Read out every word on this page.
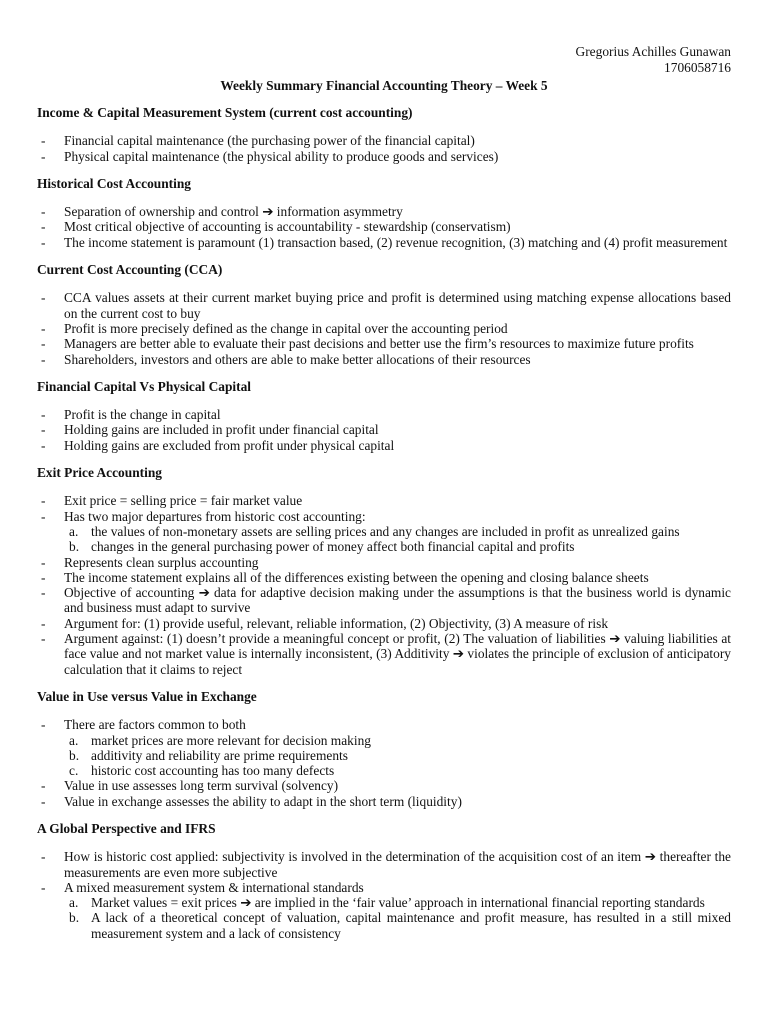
Gregorius Achilles Gunawan
1706058716
Weekly Summary Financial Accounting Theory – Week 5
Income & Capital Measurement System (current cost accounting)
- Financial capital maintenance (the purchasing power of the financial capital)
- Physical capital maintenance (the physical ability to produce goods and services)
Historical Cost Accounting
- Separation of ownership and control ➔ information asymmetry
- Most critical objective of accounting is accountability - stewardship (conservatism)
- The income statement is paramount (1) transaction based, (2) revenue recognition, (3) matching and (4) profit measurement
Current Cost Accounting (CCA)
- CCA values assets at their current market buying price and profit is determined using matching expense allocations based on the current cost to buy
- Profit is more precisely defined as the change in capital over the accounting period
- Managers are better able to evaluate their past decisions and better use the firm’s resources to maximize future profits
- Shareholders, investors and others are able to make better allocations of their resources
Financial Capital Vs Physical Capital
- Profit is the change in capital
- Holding gains are included in profit under financial capital
- Holding gains are excluded from profit under physical capital
Exit Price Accounting
- Exit price = selling price = fair market value
- Has two major departures from historic cost accounting:
a. the values of non-monetary assets are selling prices and any changes are included in profit as unrealized gains
b. changes in the general purchasing power of money affect both financial capital and profits
- Represents clean surplus accounting
- The income statement explains all of the differences existing between the opening and closing balance sheets
- Objective of accounting ➔ data for adaptive decision making under the assumptions is that the business world is dynamic and business must adapt to survive
- Argument for: (1) provide useful, relevant, reliable information, (2) Objectivity, (3) A measure of risk
- Argument against: (1) doesn’t provide a meaningful concept or profit, (2) The valuation of liabilities ➔ valuing liabilities at face value and not market value is internally inconsistent, (3) Additivity ➔ violates the principle of exclusion of anticipatory calculation that it claims to reject
Value in Use versus Value in Exchange
- There are factors common to both
a. market prices are more relevant for decision making
b. additivity and reliability are prime requirements
c. historic cost accounting has too many defects
- Value in use assesses long term survival (solvency)
- Value in exchange assesses the ability to adapt in the short term (liquidity)
A Global Perspective and IFRS
- How is historic cost applied: subjectivity is involved in the determination of the acquisition cost of an item ➔ thereafter the measurements are even more subjective
- A mixed measurement system & international standards
a. Market values = exit prices ➔ are implied in the ‘fair value’ approach in international financial reporting standards
b. A lack of a theoretical concept of valuation, capital maintenance and profit measure, has resulted in a still mixed measurement system and a lack of consistency
